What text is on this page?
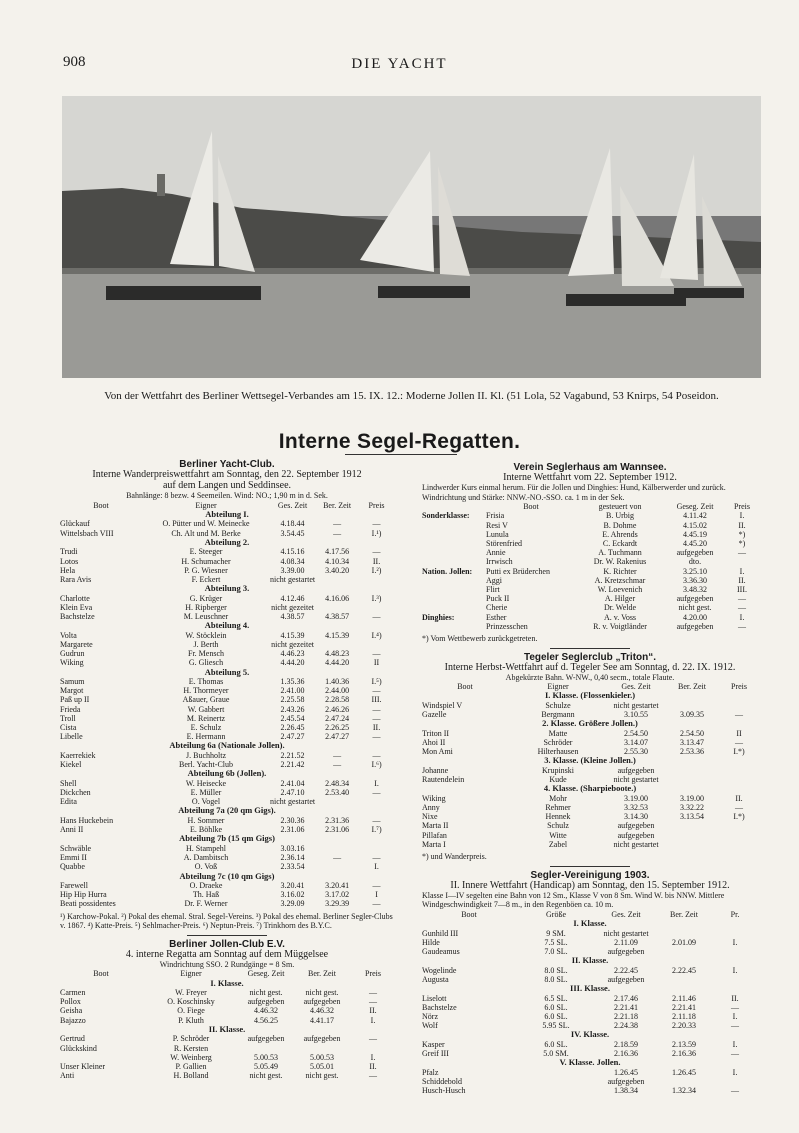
908	DIE YACHT
Von der Wettfahrt des Berliner Wettsegel-Verbandes am 15. IX. 12.: Moderne Jollen II. Kl. (51 Lola, 52 Vagabund, 53 Knirps, 54 Poseidon.
Interne Segel-Regatten.
Berliner Yacht-Club.
Interne Wanderpreiswettfahrt am Sonntag, den 22. September 1912
auf dem Langen und Seddinsee.
Bahnlänge: 8 bezw. 4 Seemeilen. Wind: NO.; 1,90 m in d. Sek.
Boot	Eigner	Ges. Zeit	Ber. Zeit	Preis
Abteilung I.				
Glückauf	O. Pütter und W. Meinecke	4.18.44	—	—
Wittelsbach VIII	Ch. Alt und M. Berke	3.54.45	—	I.¹)
Abteilung 2.				
Trudi	E. Steeger	4.15.16	4.17.56	—
Lotos	H. Schumacher	4.08.34	4.10.34	II.
Hela	P. G. Wiesner	3.39.00	3.40.20	I.²)
Rara Avis	F. Eckert	nicht gestartet		
Abteilung 3.				
Charlotte	G. Krüger	4.12.46	4.16.06	I.³)
Klein Eva	H. Ripberger	nicht gezeitet		
Bachstelze	M. Leuschner	4.38.57	4.38.57	—
Abteilung 4.				
Volta	W. Stöcklein	4.15.39	4.15.39	I.⁴)
Margarete	J. Berth	nicht gezeitet		
Gudrun	Fr. Mensch	4.46.23	4.48.23	—
Wiking	G. Gliesch	4.44.20	4.44.20	II
Abteilung 5.				
Samum	E. Thomas	1.35.36	1.40.36	I.⁵)
Margot	H. Thormeyer	2.41.00	2.44.00	—
Paß up II	Aßauer, Graue	2.25.58	2.28.58	III.
Frieda	W. Gabbert	2.43.26	2.46.26	—
Troll	M. Reinertz	2.45.54	2.47.24	—
Cista	E. Schulz	2.26.45	2.26.25	II.
Libelle	E. Hermann	2.47.27	2.47.27	—
Abteilung 6a (Nationale Jollen).				
Kaerrekiek	J. Buchholtz	2.21.52	—	—
Kiekel	Berl. Yacht-Club	2.21.42	—	I.⁶)
Abteilung 6b (Jollen).				
Shell	W. Heisecke	2.41.04	2.48.34	I.
Dickchen	E. Müller	2.47.10	2.53.40	—
Edita	O. Vogel	nicht gestartet		
Abteilung 7a (20 qm Gigs).				
Hans Huckebein	H. Sommer	2.30.36	2.31.36	—
Anni II	E. Böhlke	2.31.06	2.31.06	I.⁷)
Abteilung 7b (15 qm Gigs)				
Schwäble	H. Stampehl	3.03.16		
Emmi II	A. Dambitsch	2.36.14	—	—
Quabbe	O. Voß	2.33.54		I.
Abteilung 7c (10 qm Gigs)				
Farewell	O. Draeke	3.20.41	3.20.41	—
Hip Hip Hurra	Th. Haß	3.16.02	3.17.02	I
Beati possidentes	Dr. F. Werner	3.29.09	3.29.39	—
¹) Karchow-Pokal. ²) Pokal des ehemal. Stral. Segel-Vereins. ³) Pokal des ehemal. Berliner Segler-Clubs v. 1867. ⁴) Katte-Preis. ⁵) Sehlmacher-Preis. ⁶) Neptun-Preis. ⁷) Trinkhorn des B.Y.C.
Berliner Jollen-Club E.V.
4. interne Regatta am Sonntag auf dem Müggelsee
Windrichtung SSO. 2 Rundgänge = 8 Sm.
Boot	Eigner	Geseg. Zeit	Ber. Zeit	Preis
I. Klasse.				
Carmen	W. Freyer	nicht gest.	nicht gest.	—
Pollox	O. Koschinsky	aufgegeben	aufgegeben	—
Geisha	O. Fiege	4.46.32	4.46.32	II.
Bajazzo	P. Kluth	4.56.25	4.41.17	I.
II. Klasse.				
Gertrud	P. Schröder	aufgegeben	aufgegeben	—
Glückskind	R. Kersten			
	W. Weinberg	5.00.53	5.00.53	I.
Unser Kleiner	P. Gallien	5.05.49	5.05.01	II.
Anti	H. Bolland	nicht gest.	nicht gest.	—
Verein Seglerhaus am Wannsee.
Interne Wettfahrt vom 22. September 1912.
Lindwerder Kurs einmal herum. Für die Jollen und Dinghies: Hund, Kälberwerder und zurück. Windrichtung und Stärke: NNW.-NO.-SSO. ca. 1 m in der Sek.
	Boot	gesteuert von	Geseg. Zeit	Preis
Sonderklasse:	Frisia	B. Urbig	4.11.42	I.
	Resi V	B. Dohme	4.15.02	II.
	Lunula	E. Ahrends	4.45.19	*)
	Störenfried	C. Eckardt	4.45.20	*)
	Annie	A. Tuchmann	aufgegeben	—
	Irrwisch	Dr. W. Rakenius	dto.	
Nation. Jollen:	Putti ex Brüderchen	K. Richter	3.25.10	I.
	Aggi	A. Kretzschmar	3.36.30	II.
	Flirt	W. Loevenich	3.48.32	III.
	Puck II	A. Hilger	aufgegeben	—
	Cherie	Dr. Welde	nicht gest.	—
Dinghies:	Esther	A. v. Voss	4.20.00	I.
	Prinzesschen	R. v. Voigtländer	aufgegeben	—
*) Vom Wettbewerb zurückgetreten.
Tegeler Seglerclub „Triton“.
Interne Herbst-Wettfahrt auf d. Tegeler See am Sonntag, d. 22. IX. 1912.
Abgekürzte Bahn. W-NW., 0,40 secm., totale Flaute.
Boot	Eigner	Ges. Zeit	Ber. Zeit	Preis
I. Klasse. (Flossenkieler.)				
Windspiel V	Schulze	nicht gestartet		
Gazelle	Bergmann	3.10.55	3.09.35	—
2. Klasse. Größere Jollen.)				
Triton II	Matte	2.54.50	2.54.50	II
Ahoi II	Schröder	3.14.07	3.13.47	—
Mon Ami	Hilterhausen	2.55.30	2.53.36	I.*)
3. Klasse. (Kleine Jollen.)				
Johanne	Krupinski	aufgegeben		
Rautendelein	Kude	nicht gestartet		
4. Klasse. (Sharpieboote.)				
Wiking	Mohr	3.19.00	3.19.00	II.
Anny	Rehmer	3.32.53	3.32.22	—
Nixe	Hennek	3.14.30	3.13.54	I.*)
Marta II	Schulz	aufgegeben		
Pillafan	Witte	aufgegeben		
Marta I	Zabel	nicht gestartet		
*) und Wanderpreis.
Segler-Vereinigung 1903.
II. Innere Wettfahrt (Handicap) am Sonntag, den 15. September 1912.
Klasse I—IV segelten eine Bahn von 12 Sm., Klasse V von 8 Sm. Wind W. bis NNW. Mittlere Windgeschwindigkeit 7—8 m., in den Regenböen ca. 10 m.
Boot	Größe	Ges. Zeit	Ber. Zeit	Pr.
I. Klasse.				
Gunhild III	9 SM.	nicht gestartet		
Hilde	7.5 SL.	2.11.09	2.01.09	I.
Gaudeamus	7.0 SL.	aufgegeben		
II. Klasse.				
Wogelinde	8.0 SL.	2.22.45	2.22.45	I.
Augusta	8.0 SL.	aufgegeben		
III. Klasse.				
Liselott	6.5 SL.	2.17.46	2.11.46	II.
Bachstelze	6.0 SL.	2.21.41	2.21.41	—
Nörz	6.0 SL.	2.21.18	2.11.18	I.
Wolf	5.95 SL.	2.24.38	2.20.33	—
IV. Klasse.				
Kasper	6.0 SL.	2.18.59	2.13.59	I.
Greif III	5.0 SM.	2.16.36	2.16.36	—
V. Klasse. Jollen.				
Pfalz		1.26.45	1.26.45	I.
Schiddebold		aufgegeben		
Husch-Husch		1.38.34	1.32.34	—
